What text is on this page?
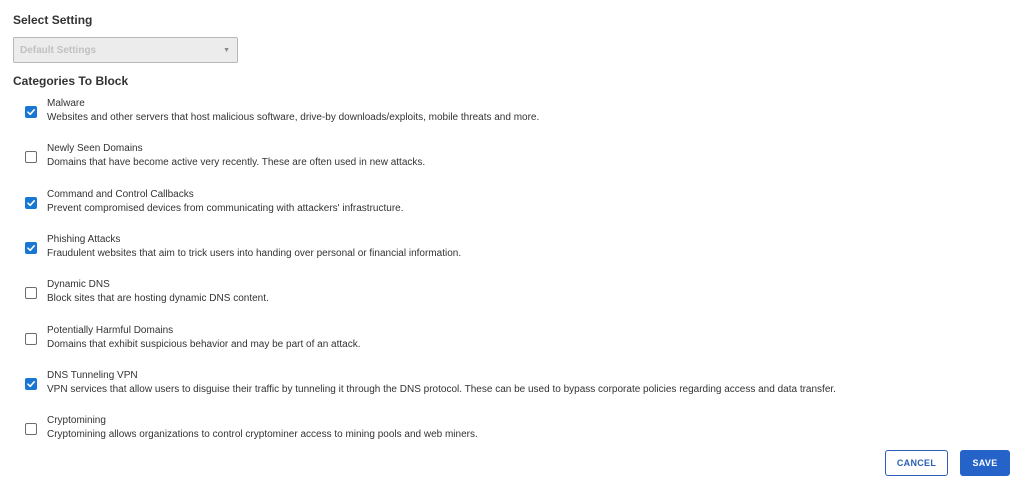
Select Setting
Default Settings	▼
Categories To Block
Malware
Websites and other servers that host malicious software, drive-by downloads/exploits, mobile threats and more.
Newly Seen Domains
Domains that have become active very recently. These are often used in new attacks.
Command and Control Callbacks
Prevent compromised devices from communicating with attackers' infrastructure.
Phishing Attacks
Fraudulent websites that aim to trick users into handing over personal or financial information.
Dynamic DNS
Block sites that are hosting dynamic DNS content.
Potentially Harmful Domains
Domains that exhibit suspicious behavior and may be part of an attack.
DNS Tunneling VPN
VPN services that allow users to disguise their traffic by tunneling it through the DNS protocol. These can be used to bypass corporate policies regarding access and data transfer.
Cryptomining
Cryptomining allows organizations to control cryptominer access to mining pools and web miners.
CANCEL	SAVE
